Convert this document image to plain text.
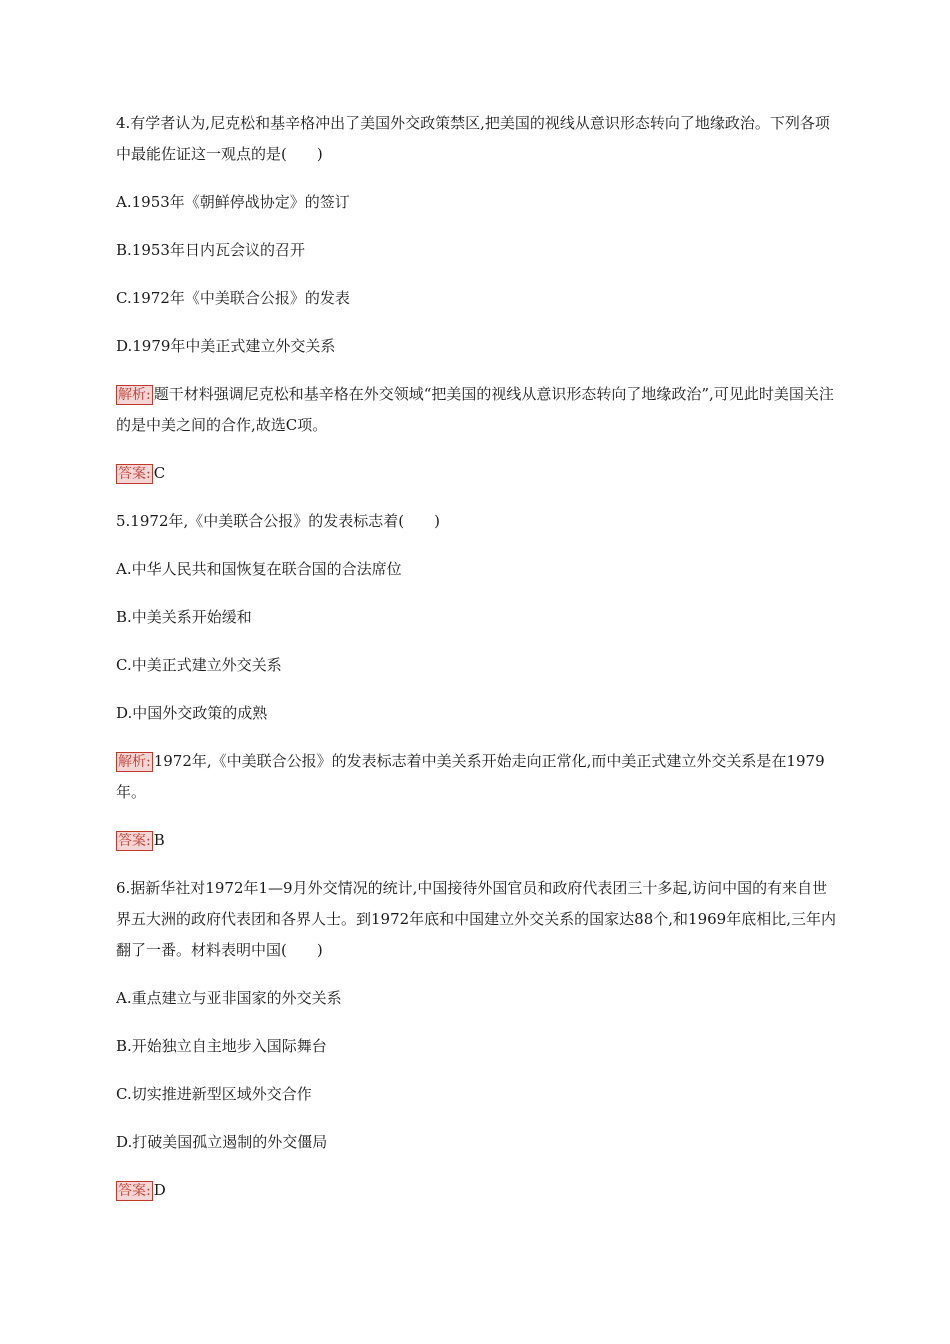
4.有学者认为,尼克松和基辛格冲出了美国外交政策禁区,把美国的视线从意识形态转向了地缘政治。下列各项中最能佐证这一观点的是(　　)

A.1953年《朝鲜停战协定》的签订

B.1953年日内瓦会议的召开

C.1972年《中美联合公报》的发表

D.1979年中美正式建立外交关系

解析: 题干材料强调尼克松和基辛格在外交领域“把美国的视线从意识形态转向了地缘政治”,可见此时美国关注的是中美之间的合作,故选C项。

答案: C

5.1972年,《中美联合公报》的发表标志着(　　)

A.中华人民共和国恢复在联合国的合法席位

B.中美关系开始缓和

C.中美正式建立外交关系

D.中国外交政策的成熟

解析: 1972年,《中美联合公报》的发表标志着中美关系开始走向正常化,而中美正式建立外交关系是在1979年。

答案: B

6.据新华社对1972年1—9月外交情况的统计,中国接待外国官员和政府代表团三十多起,访问中国的有来自世界五大洲的政府代表团和各界人士。到1972年底和中国建立外交关系的国家达88个,和1969年底相比,三年内翻了一番。材料表明中国(　　)

A.重点建立与亚非国家的外交关系

B.开始独立自主地步入国际舞台

C.切实推进新型区域外交合作

D.打破美国孤立遏制的外交僵局

答案: D
